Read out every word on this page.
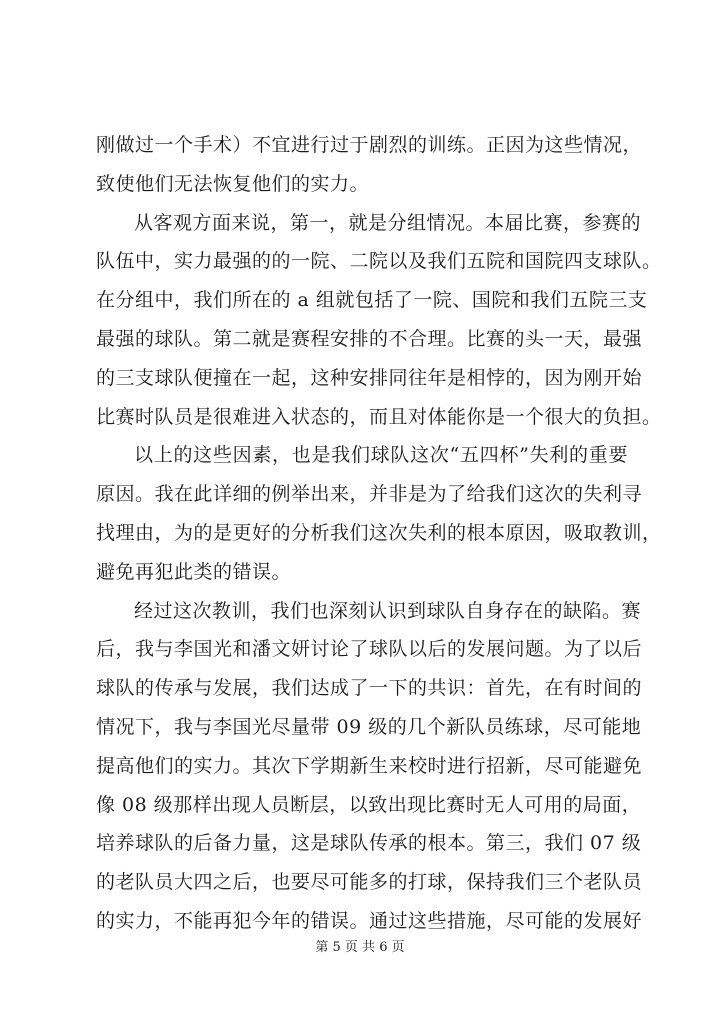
刚做过一个手术）不宜进行过于剧烈的训练。正因为这些情况，
致使他们无法恢复他们的实力。
从客观方面来说，第一，就是分组情况。本届比赛，参赛的
队伍中，实力最强的的一院、二院以及我们五院和国院四支球队。
在分组中，我们所在的 a 组就包括了一院、国院和我们五院三支
最强的球队。第二就是赛程安排的不合理。比赛的头一天，最强
的三支球队便撞在一起，这种安排同往年是相悖的，因为刚开始
比赛时队员是很难进入状态的，而且对体能你是一个很大的负担。
以上的这些因素，也是我们球队这次“五四杯”失利的重要
原因。我在此详细的例举出来，并非是为了给我们这次的失利寻
找理由，为的是更好的分析我们这次失利的根本原因，吸取教训，
避免再犯此类的错误。
经过这次教训，我们也深刻认识到球队自身存在的缺陷。赛
后，我与李国光和潘文妍讨论了球队以后的发展问题。为了以后
球队的传承与发展，我们达成了一下的共识：首先，在有时间的
情况下，我与李国光尽量带 09 级的几个新队员练球，尽可能地
提高他们的实力。其次下学期新生来校时进行招新，尽可能避免
像 08 级那样出现人员断层，以致出现比赛时无人可用的局面，
培养球队的后备力量，这是球队传承的根本。第三，我们 07 级
的老队员大四之后，也要尽可能多的打球，保持我们三个老队员
的实力，不能再犯今年的错误。通过这些措施，尽可能的发展好
第 5 页 共 6 页
